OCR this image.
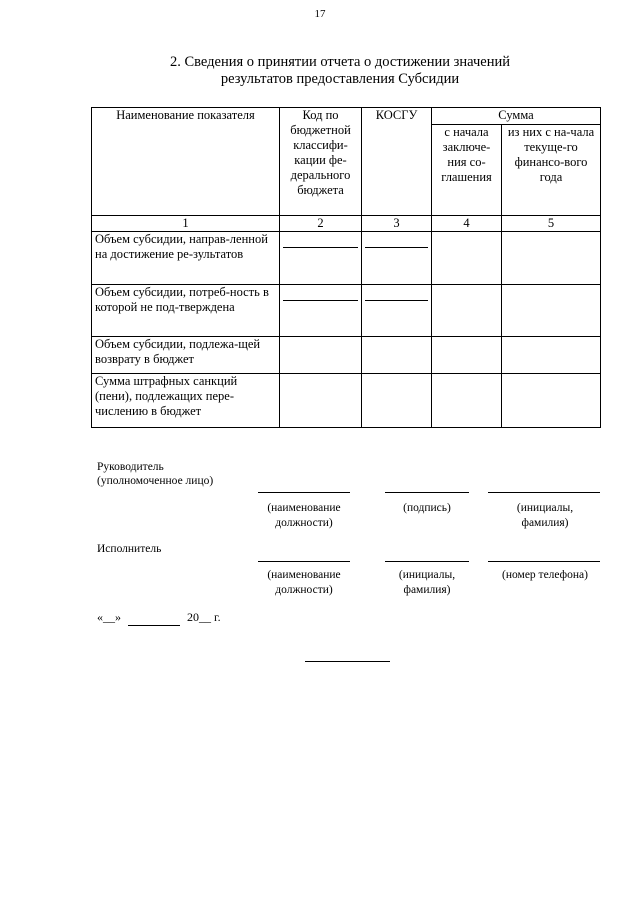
17
2. Сведения о принятии отчета о достижении значений
результатов предоставления Субсидии
Наименование показателя	Код по бюджетной классифи-кации фе-дерального бюджета	КОСГУ	Сумма	
			с начала заключе-ния со-глашения	из них с на-чала текуще-го финансо-вого года
1	2	3	4	5
Объем субсидии, направ-ленной на достижение ре-зультатов	

Объем субсидии, потреб-ность в которой не под-тверждена	

Объем субсидии, подлежа-щей возврату в бюджет				
Сумма штрафных санкций (пени), подлежащих пере-числению в бюджет				
Руководитель
(уполномоченное лицо)
(наименование должности)
(подпись)	(инициалы, фамилия)
Исполнитель
(наименование должности)
(инициалы, фамилия)
(номер телефона)
«__»	20__ г.
